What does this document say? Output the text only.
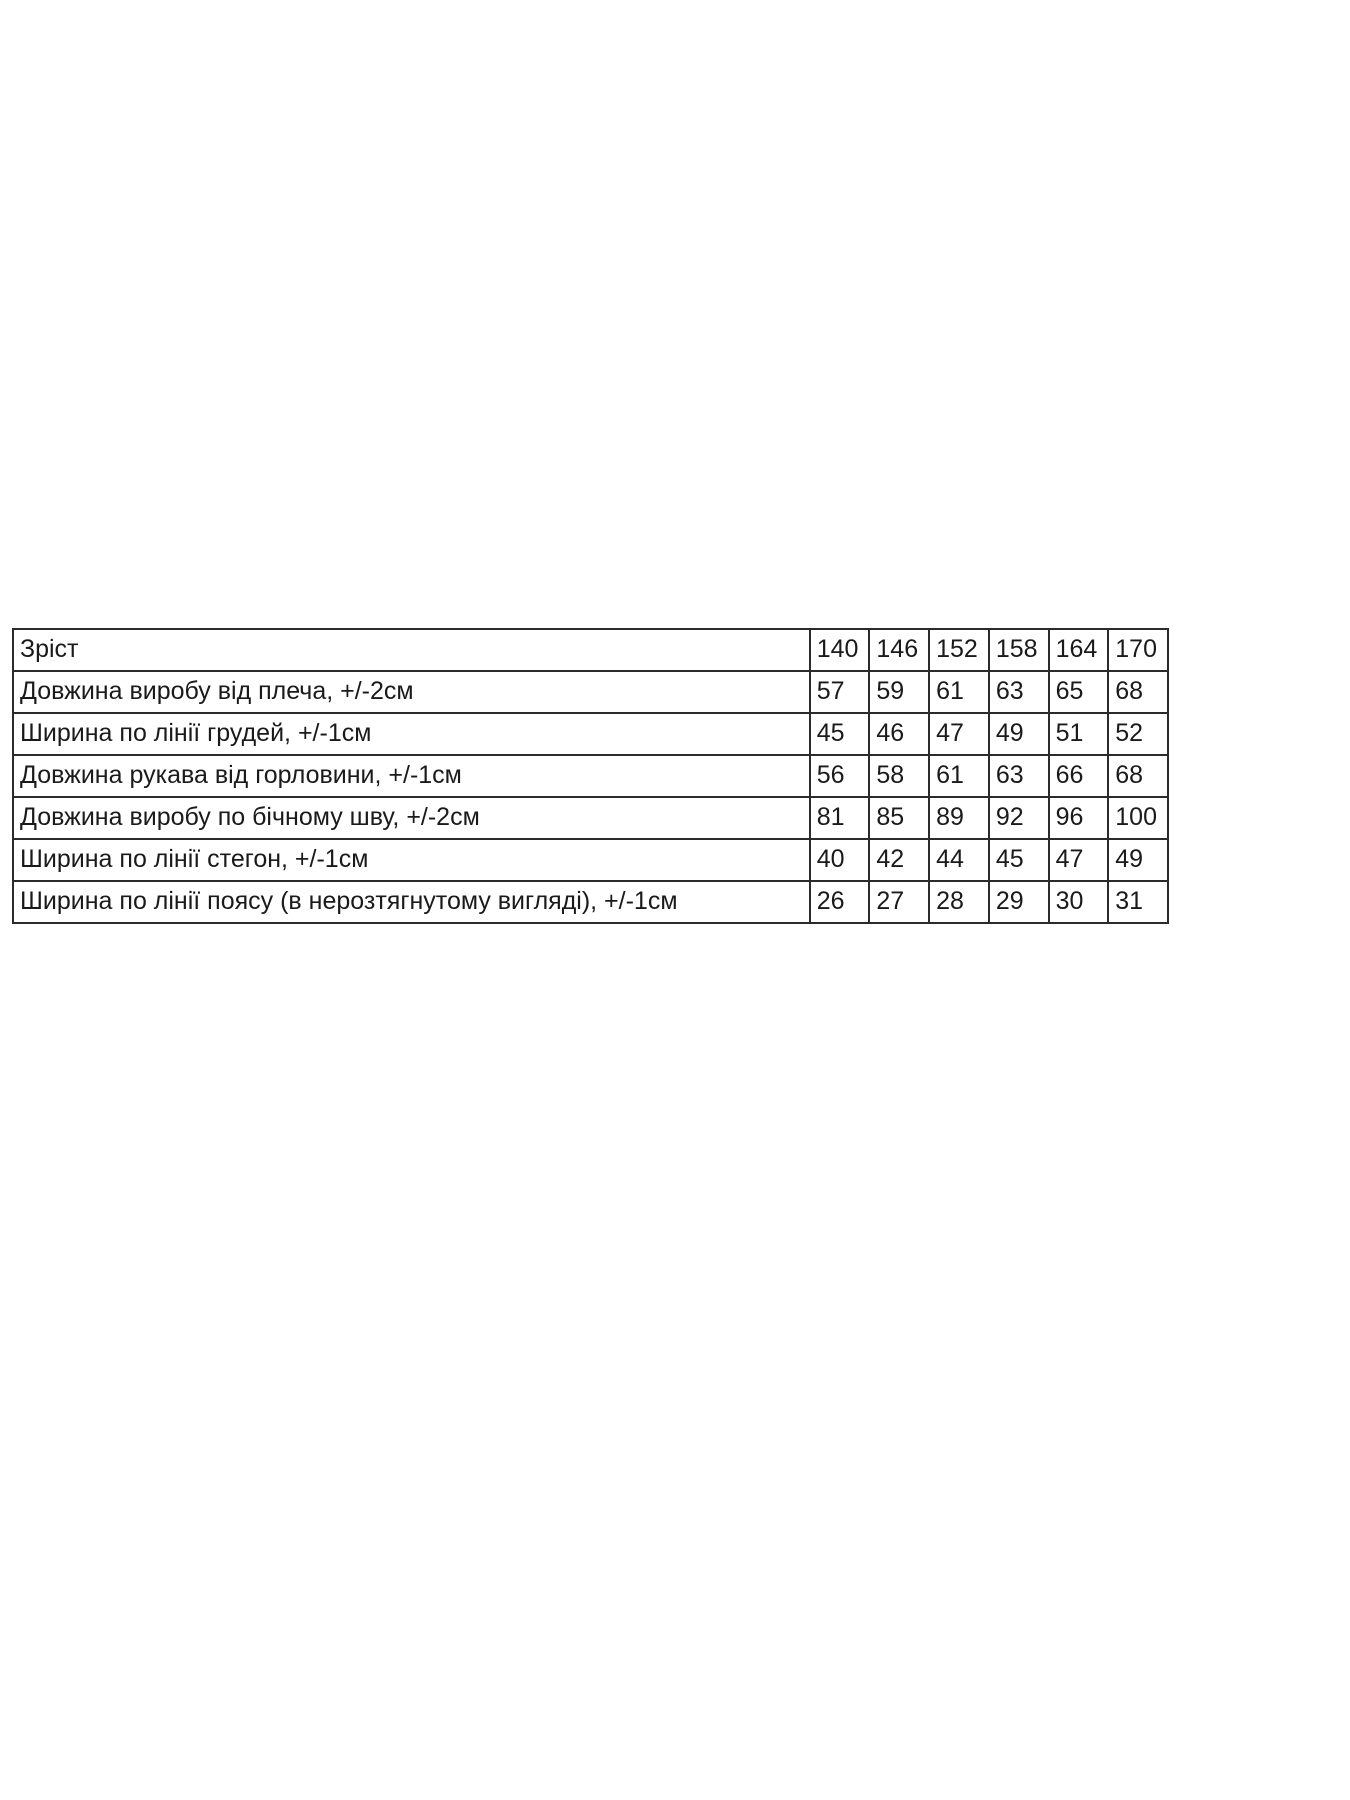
Зріст	140	146	152	158	164	170
Довжина виробу від плеча, +/-2см	57	59	61	63	65	68
Ширина по лінії грудей, +/-1см	45	46	47	49	51	52
Довжина рукава від горловини, +/-1см	56	58	61	63	66	68
Довжина виробу по бічному шву, +/-2см	81	85	89	92	96	100
Ширина по лінії стегон, +/-1см	40	42	44	45	47	49
Ширина по лінії поясу (в нерозтягнутому вигляді), +/-1см	26	27	28	29	30	31
